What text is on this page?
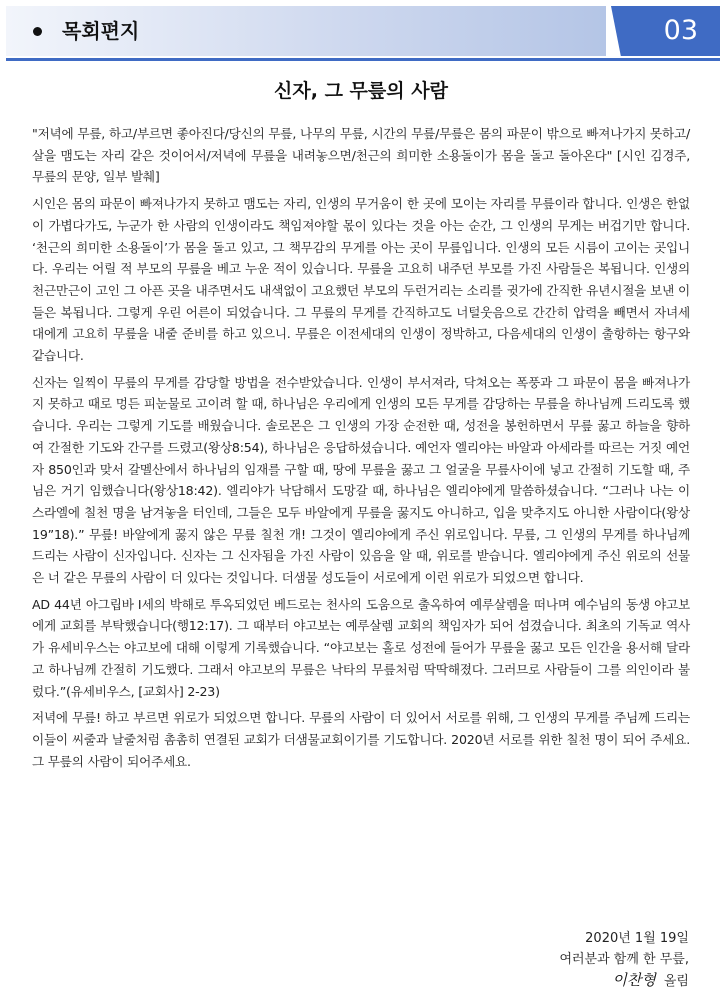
목회편지	03
신자, 그 무릎의 사람

"저녁에 무릎, 하고/부르면 좋아진다/당신의 무릎, 나무의 무릎, 시간의 무릎/무릎은 몸의 파문이 밖으로 빠져나가지 못하고/살을 맴도는 자리 같은 것이어서/저녁에 무릎을 내려놓으면/천근의 희미한 소용돌이가 몸을 돌고 돌아온다" [시인 김경주, 무릎의 문양, 일부 발췌]

시인은 몸의 파문이 빠져나가지 못하고 맴도는 자리, 인생의 무거움이 한 곳에 모이는 자리를 무릎이라 합니다. 인생은 한없이 가볍다가도, 누군가 한 사람의 인생이라도 책임져야할 몫이 있다는 것을 아는 순간, 그 인생의 무게는 버겁기만 합니다. ‘천근의 희미한 소용돌이’가 몸을 돌고 있고, 그 책무감의 무게를 아는 곳이 무릎입니다. 인생의 모든 시름이 고이는 곳입니다. 우리는 어릴 적 부모의 무릎을 베고 누운 적이 있습니다. 무릎을 고요히 내주던 부모를 가진 사람들은 복됩니다. 인생의 천근만근이 고인 그 아픈 곳을 내주면서도 내색없이 고요했던 부모의 두런거리는 소리를 귓가에 간직한 유년시절을 보낸 이들은 복됩니다. 그렇게 우린 어른이 되었습니다. 그 무릎의 무게를 간직하고도 너털웃음으로 간간히 압력을 빼면서 자녀세대에게 고요히 무릎을 내줄 준비를 하고 있으니. 무릎은 이전세대의 인생이 정박하고, 다음세대의 인생이 출항하는 항구와 같습니다.

신자는 일찍이 무릎의 무게를 감당할 방법을 전수받았습니다. 인생이 부서져라, 닥쳐오는 폭풍과 그 파문이 몸을 빠져나가지 못하고 때로 멍든 피눈물로 고이려 할 때, 하나님은 우리에게 인생의 모든 무게를 감당하는 무릎을 하나님께 드리도록 했습니다. 우리는 그렇게 기도를 배웠습니다. 솔로몬은 그 인생의 가장 순전한 때, 성전을 봉헌하면서 무릎 꿇고 하늘을 향하여 간절한 기도와 간구를 드렸고(왕상8:54), 하나님은 응답하셨습니다. 예언자 엘리야는 바알과 아세라를 따르는 거짓 예언자 850인과 맞서 갈멜산에서 하나님의 임재를 구할 때, 땅에 무릎을 꿇고 그 얼굴을 무릎사이에 넣고 간절히 기도할 때, 주님은 거기 임했습니다(왕상18:42). 엘리야가 낙담해서 도망갈 때, 하나님은 엘리야에게 말씀하셨습니다. “그러나 나는 이스라엘에 칠천 명을 남겨놓을 터인데, 그들은 모두 바알에게 무릎을 꿇지도 아니하고, 입을 맞추지도 아니한 사람이다(왕상19”18).” 무릎! 바알에게 꿇지 않은 무릎 칠천 개! 그것이 엘리야에게 주신 위로입니다. 무릎, 그 인생의 무게를 하나님께 드리는 사람이 신자입니다. 신자는 그 신자됨을 가진 사람이 있음을 알 때, 위로를 받습니다. 엘리야에게 주신 위로의 선물은 너 같은 무릎의 사람이 더 있다는 것입니다. 더샘물 성도들이 서로에게 이런 위로가 되었으면 합니다.

AD 44년 아그립바 Ⅰ세의 박해로 투옥되었던 베드로는 천사의 도움으로 출옥하여 예루살렘을 떠나며 예수님의 동생 야고보에게 교회를 부탁했습니다(행12:17). 그 때부터 야고보는 예루살렘 교회의 책임자가 되어 섬겼습니다. 최초의 기독교 역사가 유세비우스는 야고보에 대해 이렇게 기록했습니다. “야고보는 홀로 성전에 들어가 무릎을 꿇고 모든 인간을 용서해 달라고 하나님께 간절히 기도했다. 그래서 야고보의 무릎은 낙타의 무릎처럼 딱딱해졌다. 그러므로 사람들이 그를 의인이라 불렀다.”(유세비우스, [교회사] 2-23)

저녁에 무릎! 하고 부르면 위로가 되었으면 합니다. 무릎의 사람이 더 있어서 서로를 위해, 그 인생의 무게를 주님께 드리는 이들이 씨줄과 날줄처럼 촘촘히 연결된 교회가 더샘물교회이기를 기도합니다. 2020년 서로를 위한 칠천 명이 되어 주세요. 그 무릎의 사람이 되어주세요.

2020년 1월 19일
여러분과 함께 한 무릎,
이찬형 올림
